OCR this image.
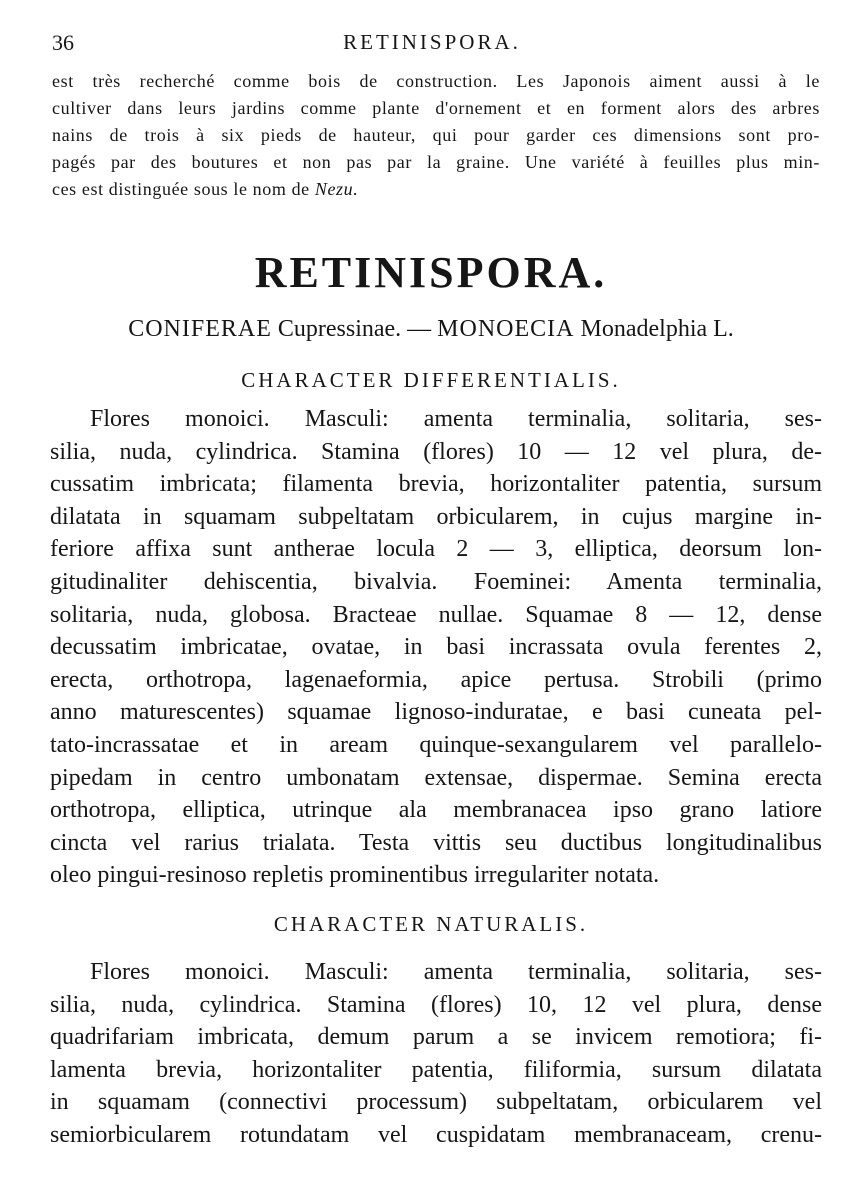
36	RETINISPORA.
est très recherché comme bois de construction. Les Japonois aiment aussi à le
cultiver dans leurs jardins comme plante d'ornement et en forment alors des arbres
nains de trois à six pieds de hauteur, qui pour garder ces dimensions sont pro-
pagés par des boutures et non pas par la graine. Une variété à feuilles plus min-
ces est distinguée sous le nom de Nezu.
RETINISPORA.
CONIFERAE Cupressinae. — MONOECIA Monadelphia L.
CHARACTER DIFFERENTIALIS.
Flores monoici. Masculi: amenta terminalia, solitaria, ses-
silia, nuda, cylindrica. Stamina (flores) 10 — 12 vel plura, de-
cussatim imbricata; filamenta brevia, horizontaliter patentia, sursum
dilatata in squamam subpeltatam orbicularem, in cujus margine in-
feriore affixa sunt antherae locula 2 — 3, elliptica, deorsum lon-
gitudinaliter dehiscentia, bivalvia. Foeminei: Amenta terminalia,
solitaria, nuda, globosa. Bracteae nullae. Squamae 8 — 12, dense
decussatim imbricatae, ovatae, in basi incrassata ovula ferentes 2,
erecta, orthotropa, lagenaeformia, apice pertusa. Strobili (primo
anno maturescentes) squamae lignoso-induratae, e basi cuneata pel-
tato-incrassatae et in aream quinque-sexangularem vel parallelo-
pipedam in centro umbonatam extensae, dispermae. Semina erecta
orthotropa, elliptica, utrinque ala membranacea ipso grano latiore
cincta vel rarius trialata. Testa vittis seu ductibus longitudinalibus
oleo pingui-resinoso repletis prominentibus irregulariter notata.
CHARACTER NATURALIS.
Flores monoici. Masculi: amenta terminalia, solitaria, ses-
silia, nuda, cylindrica. Stamina (flores) 10, 12 vel plura, dense
quadrifariam imbricata, demum parum a se invicem remotiora; fi-
lamenta brevia, horizontaliter patentia, filiformia, sursum dilatata
in squamam (connectivi processum) subpeltatam, orbicularem vel
semiorbicularem rotundatam vel cuspidatam membranaceam, crenu-
